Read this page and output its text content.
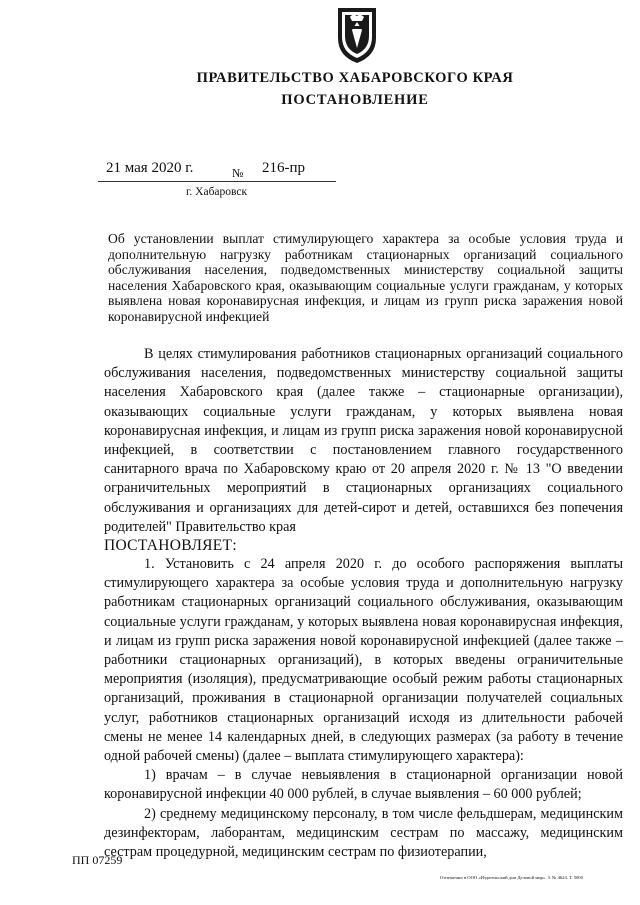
ПРАВИТЕЛЬСТВО ХАБАРОВСКОГО КРАЯ
ПОСТАНОВЛЕНИЕ
21 мая 2020 г.	№ 216-пр
г. Хабаровск
Об установлении выплат стимулирующего характера за особые условия труда и дополнительную нагрузку работникам стационарных организаций социального обслуживания населения, подведомственных министерству социальной защиты населения Хабаровского края, оказывающим социальные услуги гражданам, у которых выявлена новая коронавирусная инфекция, и лицам из групп риска заражения новой коронавирусной инфекцией

В целях стимулирования работников стационарных организаций социального обслуживания населения, подведомственных министерству социальной защиты населения Хабаровского края (далее также – стационарные организации), оказывающих социальные услуги гражданам, у которых выявлена новая коронавирусная инфекция, и лицам из групп риска заражения новой коронавирусной инфекцией, в соответствии с постановлением главного государственного санитарного врача по Хабаровскому краю от 20 апреля 2020 г. № 13 "О введении ограничительных мероприятий в стационарных организациях социального обслуживания и организациях для детей-сирот и детей, оставшихся без попечения родителей" Правительство края

ПОСТАНОВЛЯЕТ:

1. Установить с 24 апреля 2020 г. до особого распоряжения выплаты стимулирующего характера за особые условия труда и дополнительную нагрузку работникам стационарных организаций социального обслуживания, оказывающим социальные услуги гражданам, у которых выявлена новая коронавирусная инфекция, и лицам из групп риска заражения новой коронавирусной инфекцией (далее также – работники стационарных организаций), в которых введены ограничительные мероприятия (изоляция), предусматривающие особый режим работы стационарных организаций, проживания в стационарной организации получателей социальных услуг, работников стационарных организаций исходя из длительности рабочей смены не менее 14 календарных дней, в следующих размерах (за работу в течение одной рабочей смены) (далее – выплата стимулирующего характера):

1) врачам – в случае невыявления в стационарной организации новой коронавирусной инфекции 40 000 рублей, в случае выявления – 60 000 рублей;

2) среднему медицинскому персоналу, в том числе фельдшерам, медицинским дезинфекторам, лаборантам, медицинским сестрам по массажу, медицинским сестрам процедурной, медицинским сестрам по физиотерапии,

ПП 07259
Отпечатано в ООО «Издательский дом Деловой мир». З. № 4624. Т. 5000
